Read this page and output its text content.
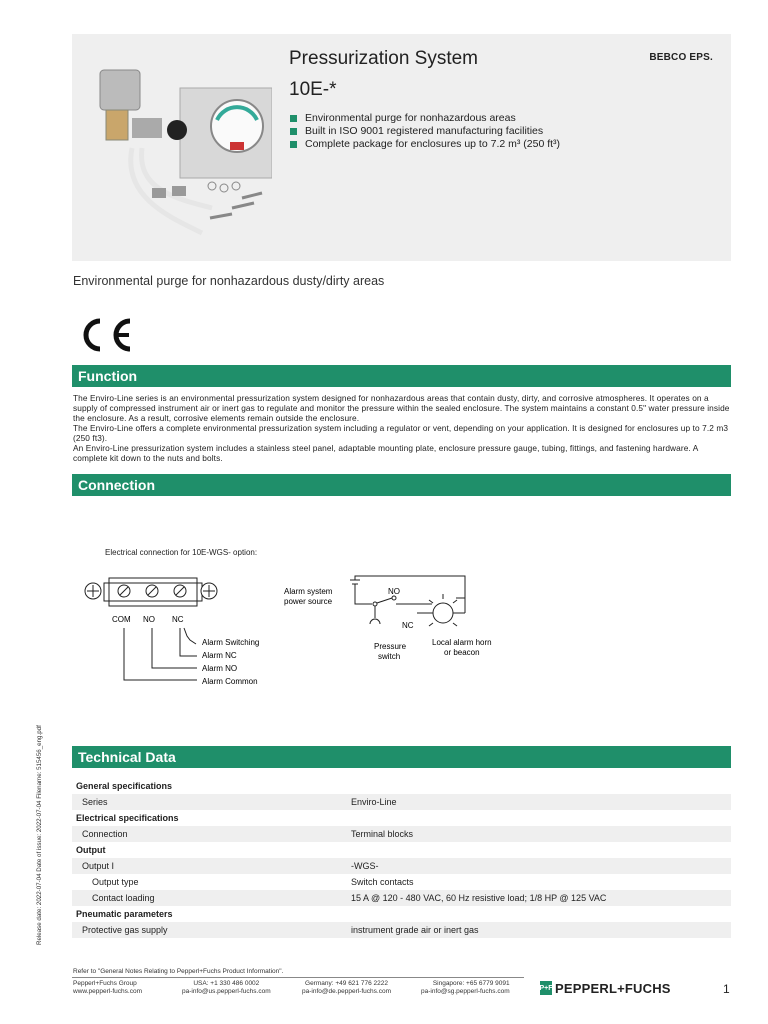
Pressurization System
10E-*
BEBCO EPS.
Environmental purge for nonhazardous areas
Built in ISO 9001 registered manufacturing facilities
Complete package for enclosures up to 7.2 m³ (250 ft³)
Environmental purge for nonhazardous dusty/dirty areas
Function

The Enviro-Line series is an environmental pressurization system designed for nonhazardous areas that contain dusty, dirty, and corrosive atmospheres. It operates on a supply of compressed instrument air or inert gas to regulate and monitor the pressure within the sealed enclosure. The system maintains a constant 0.5" water pressure inside the enclosure. As a result, corrosive elements remain outside the enclosure.

The Enviro-Line offers a complete environmental pressurization system including a regulator or vent, depending on your application. It is designed for enclosures up to 7.2 m3 (250 ft3).

An Enviro-Line pressurization system includes a stainless steel panel, adaptable mounting plate, enclosure pressure gauge, tubing, fittings, and fastening hardware. A complete kit down to the nuts and bolts.

Connection
Electrical connection for 10E-WGS- option:
COM NO NC
Alarm Switching
Alarm NC
Alarm NO
Alarm Common
Alarm system
power source
NO
NC
Pressure
switch
Local alarm horn
or beacon
Release date: 2022-07-04 Date of issue: 2022-07-04 Filename: 515456_eng.pdf	Technical Data
General specifications	
Series	Enviro-Line
Electrical specifications	
Connection	Terminal blocks
Output	
Output I	-WGS-
Output type	Switch contacts
Contact loading	15 A @ 120 - 480 VAC, 60 Hz resistive load; 1/8 HP @ 125 VAC
Pneumatic parameters	
Protective gas supply	instrument grade air or inert gas
Refer to "General Notes Relating to Pepperl+Fuchs Product Information".
Pepperl+Fuchs Group
www.pepperl-fuchs.com
USA: +1 330 486 0002
pa-info@us.pepperl-fuchs.com
Germany: +49 621 776 2222
pa-info@de.pepperl-fuchs.com
Singapore: +65 6779 9091
pa-info@sg.pepperl-fuchs.com	P+F PEPPERL+FUCHS	1
